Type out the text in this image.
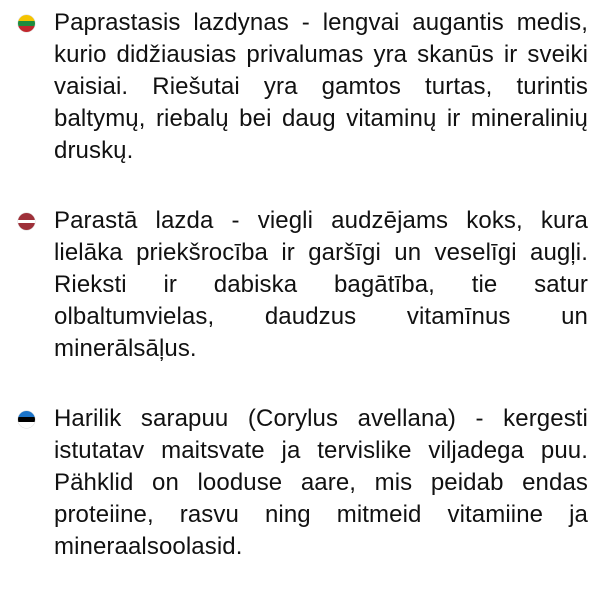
Paprastasis lazdynas - lengvai augantis medis, kurio didžiausias privalumas yra skanūs ir sveiki vaisiai. Riešutai yra gamtos turtas, turintis baltymų, riebalų bei daug vitaminų ir mineralinių druskų.
Parastā lazda - viegli audzējams koks, kura lielāka priekšrocība ir garšīgi un veselīgi augļi. Rieksti ir dabiska bagātība, tie satur olbaltumvielas, daudzus vitamīnus un minerālsāļus.
Harilik sarapuu (Corylus avellana) - kergesti istutatav maitsvate ja tervislike viljadega puu. Pähklid on looduse aare, mis peidab endas proteiine, rasvu ning mitmeid vitamiine ja mineraalsoolasid.
